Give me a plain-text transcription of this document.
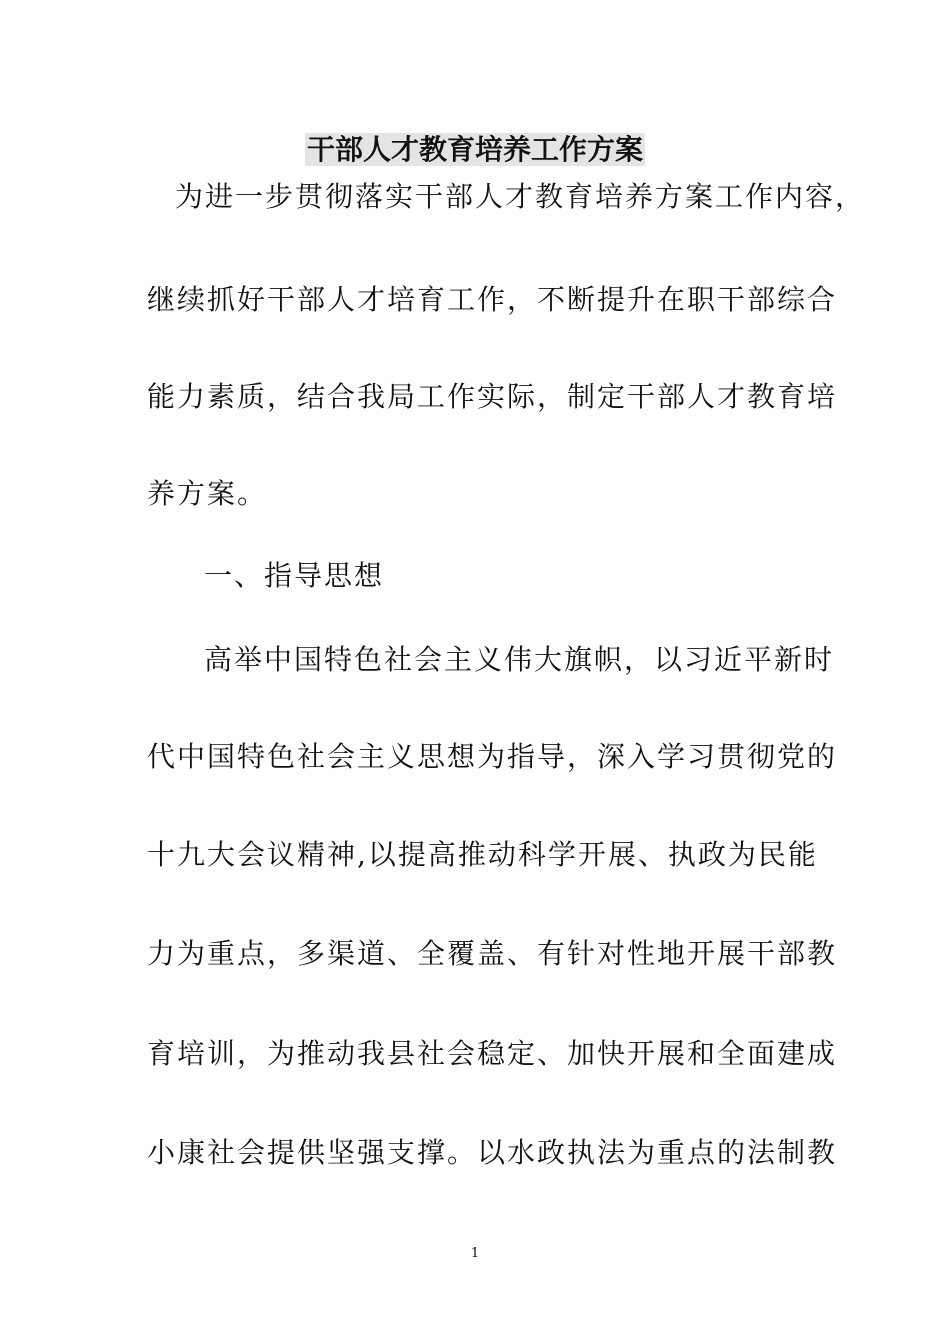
干部人才教育培养工作方案
为进一步贯彻落实干部人才教育培养方案工作内容，
继续抓好干部人才培育工作，不断提升在职干部综合
能力素质，结合我局工作实际，制定干部人才教育培
养方案。
一、指导思想
高举中国特色社会主义伟大旗帜，以习近平新时
代中国特色社会主义思想为指导，深入学习贯彻党的
十九大会议精神,以提高推动科学开展、执政为民能
力为重点，多渠道、全覆盖、有针对性地开展干部教
育培训，为推动我县社会稳定、加快开展和全面建成
小康社会提供坚强支撑。以水政执法为重点的法制教
1
